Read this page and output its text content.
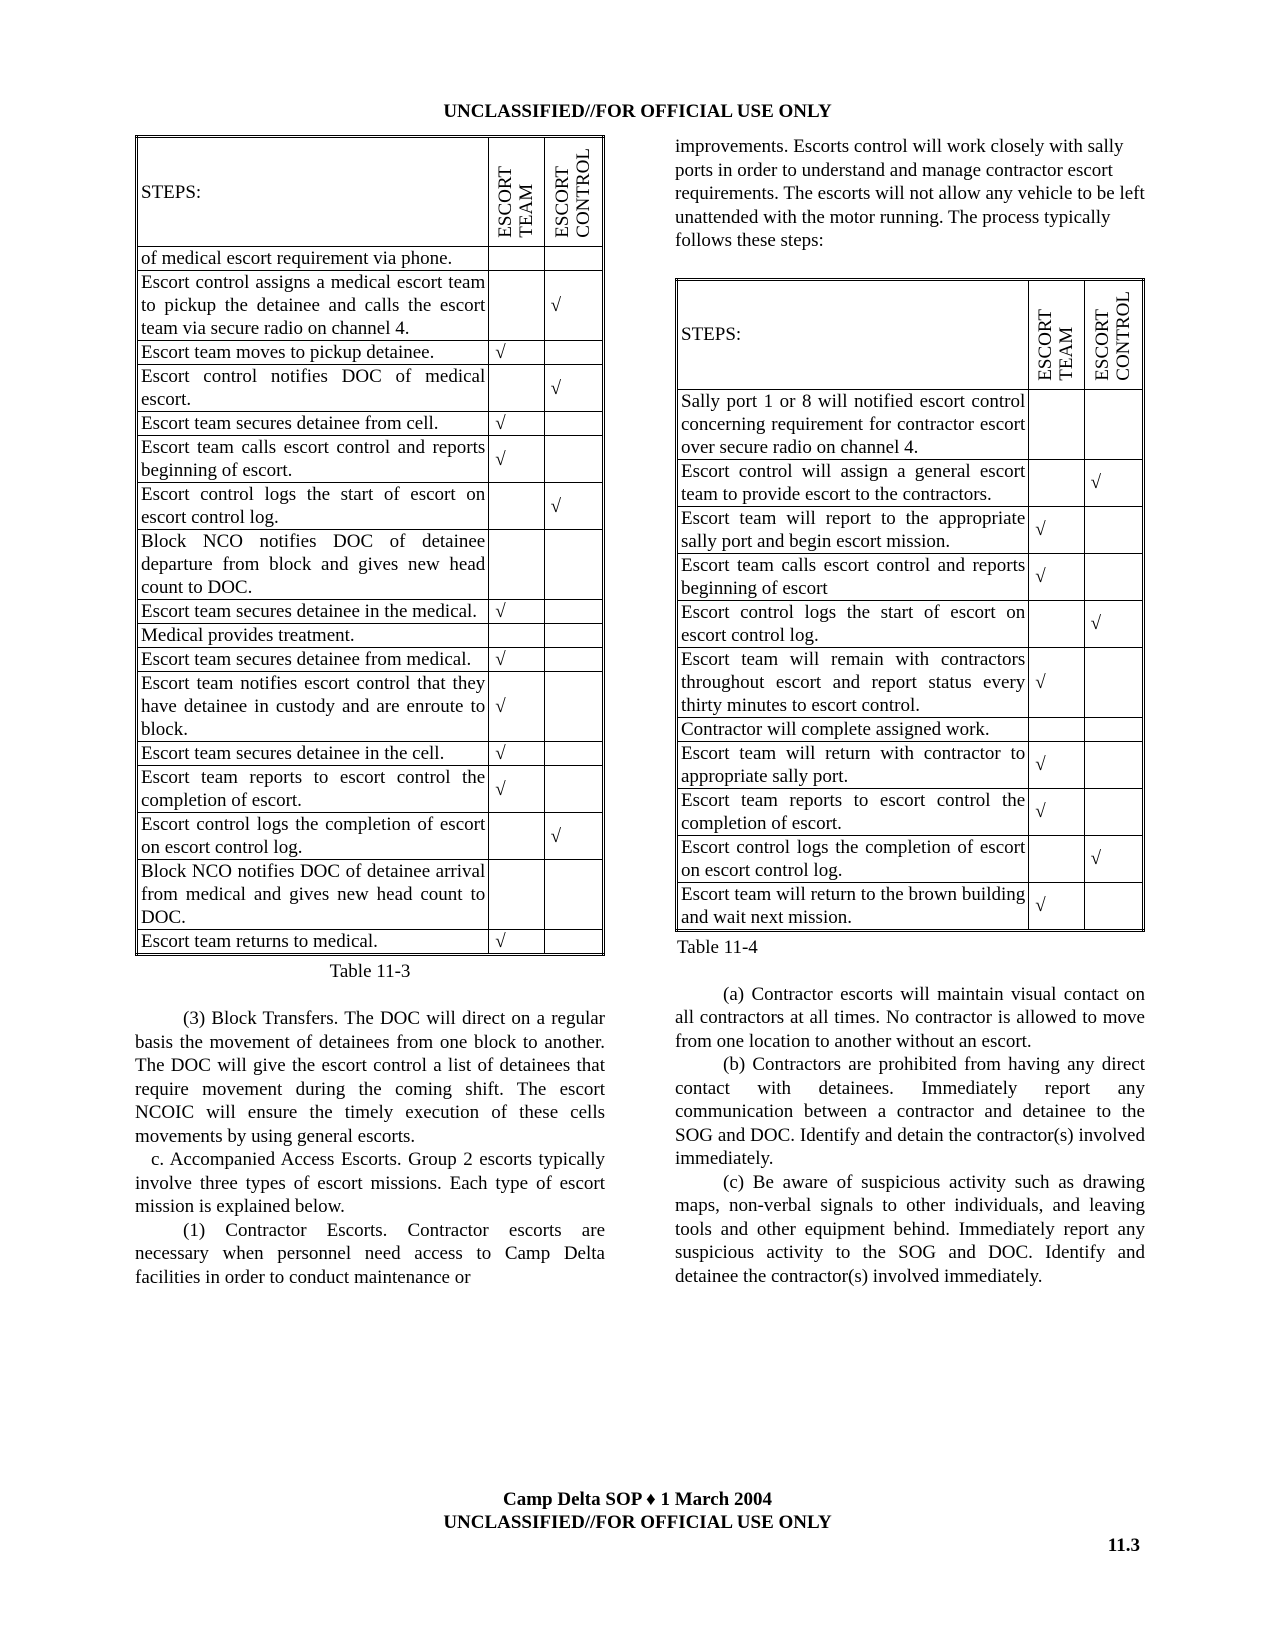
UNCLASSIFIED//FOR OFFICIAL USE ONLY
STEPS:	ESCORT
TEAM	ESCORT
CONTROL
of medical escort requirement via phone.		
Escort control assigns a medical escort team to pickup the detainee and calls the escort team via secure radio on channel 4.		√
Escort team moves to pickup detainee.	√	
Escort control notifies DOC of medical escort.		√
Escort team secures detainee from cell.	√	
Escort team calls escort control and reports beginning of escort.	√	
Escort control logs the start of escort on escort control log.		√
Block NCO notifies DOC of detainee departure from block and gives new head count to DOC.		
Escort team secures detainee in the medical.	√	
Medical provides treatment.		
Escort team secures detainee from medical.	√	
Escort team notifies escort control that they have detainee in custody and are enroute to block.	√	
Escort team secures detainee in the cell.	√	
Escort team reports to escort control the completion of escort.	√	
Escort control logs the completion of escort on escort control log.		√
Block NCO notifies DOC of detainee arrival from medical and gives new head count to DOC.		
Escort team returns to medical.	√	
Table 11-3

(3) Block Transfers. The DOC will direct on a regular basis the movement of detainees from one block to another. The DOC will give the escort control a list of detainees that require movement during the coming shift. The escort NCOIC will ensure the timely execution of these cells movements by using general escorts.

c. Accompanied Access Escorts. Group 2 escorts typically involve three types of escort missions. Each type of escort mission is explained below.

(1) Contractor Escorts. Contractor escorts are necessary when personnel need access to Camp Delta facilities in order to conduct maintenance or

improvements. Escorts control will work closely with sally ports in order to understand and manage contractor escort requirements. The escorts will not allow any vehicle to be left unattended with the motor running. The process typically follows these steps:

STEPS:	ESCORT
TEAM	ESCORT
CONTROL
Sally port 1 or 8 will notified escort control concerning requirement for contractor escort over secure radio on channel 4.		
Escort control will assign a general escort team to provide escort to the contractors.		√
Escort team will report to the appropriate sally port and begin escort mission.	√	
Escort team calls escort control and reports beginning of escort	√	
Escort control logs the start of escort on escort control log.		√
Escort team will remain with contractors throughout escort and report status every thirty minutes to escort control.	√	
Contractor will complete assigned work.		
Escort team will return with contractor to appropriate sally port.	√	
Escort team reports to escort control the completion of escort.	√	
Escort control logs the completion of escort on escort control log.		√
Escort team will return to the brown building and wait next mission.	√	
Table 11-4

(a) Contractor escorts will maintain visual contact on all contractors at all times. No contractor is allowed to move from one location to another without an escort.

(b) Contractors are prohibited from having any direct contact with detainees. Immediately report any communication between a contractor and detainee to the SOG and DOC. Identify and detain the contractor(s) involved immediately.

(c) Be aware of suspicious activity such as drawing maps, non-verbal signals to other individuals, and leaving tools and other equipment behind. Immediately report any suspicious activity to the SOG and DOC. Identify and detainee the contractor(s) involved immediately.

Camp Delta SOP ♦ 1 March 2004
UNCLASSIFIED//FOR OFFICIAL USE ONLY
11.3
